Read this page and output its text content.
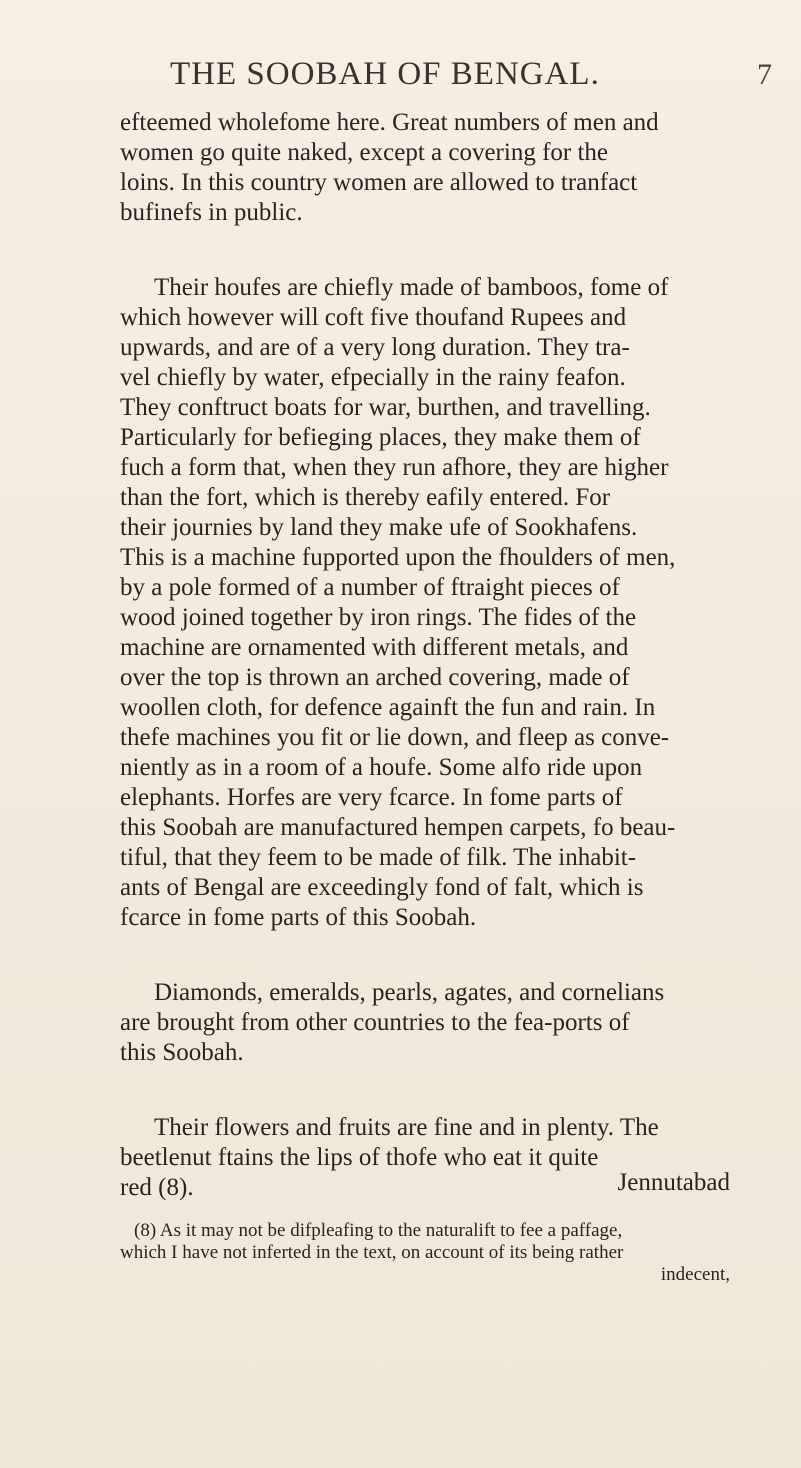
THE SOOBAH OF BENGAL.	7
efteemed wholefome here. Great numbers of men and
women go quite naked, except a covering for the
loins. In this country women are allowed to tranfact
bufinefs in public.
Their houfes are chiefly made of bamboos, fome of
which however will coft five thoufand Rupees and
upwards, and are of a very long duration. They tra-
vel chiefly by water, efpecially in the rainy feafon.
They conftruct boats for war, burthen, and travelling.
Particularly for befieging places, they make them of
fuch a form that, when they run afhore, they are higher
than the fort, which is thereby eafily entered. For
their journies by land they make ufe of Sookhafens.
This is a machine fupported upon the fhoulders of men,
by a pole formed of a number of ftraight pieces of
wood joined together by iron rings. The fides of the
machine are ornamented with different metals, and
over the top is thrown an arched covering, made of
woollen cloth, for defence againft the fun and rain. In
thefe machines you fit or lie down, and fleep as conve-
niently as in a room of a houfe. Some alfo ride upon
elephants. Horfes are very fcarce. In fome parts of
this Soobah are manufactured hempen carpets, fo beau-
tiful, that they feem to be made of filk. The inhabit-
ants of Bengal are exceedingly fond of falt, which is
fcarce in fome parts of this Soobah.
Diamonds, emeralds, pearls, agates, and cornelians
are brought from other countries to the fea-ports of
this Soobah.
Their flowers and fruits are fine and in plenty. The
beetlenut ftains the lips of thofe who eat it quite
red (8).	Jennutabad
(8) As it may not be difpleafing to the naturalift to fee a paffage,
which I have not inferted in the text, on account of its being rather
indecent,
